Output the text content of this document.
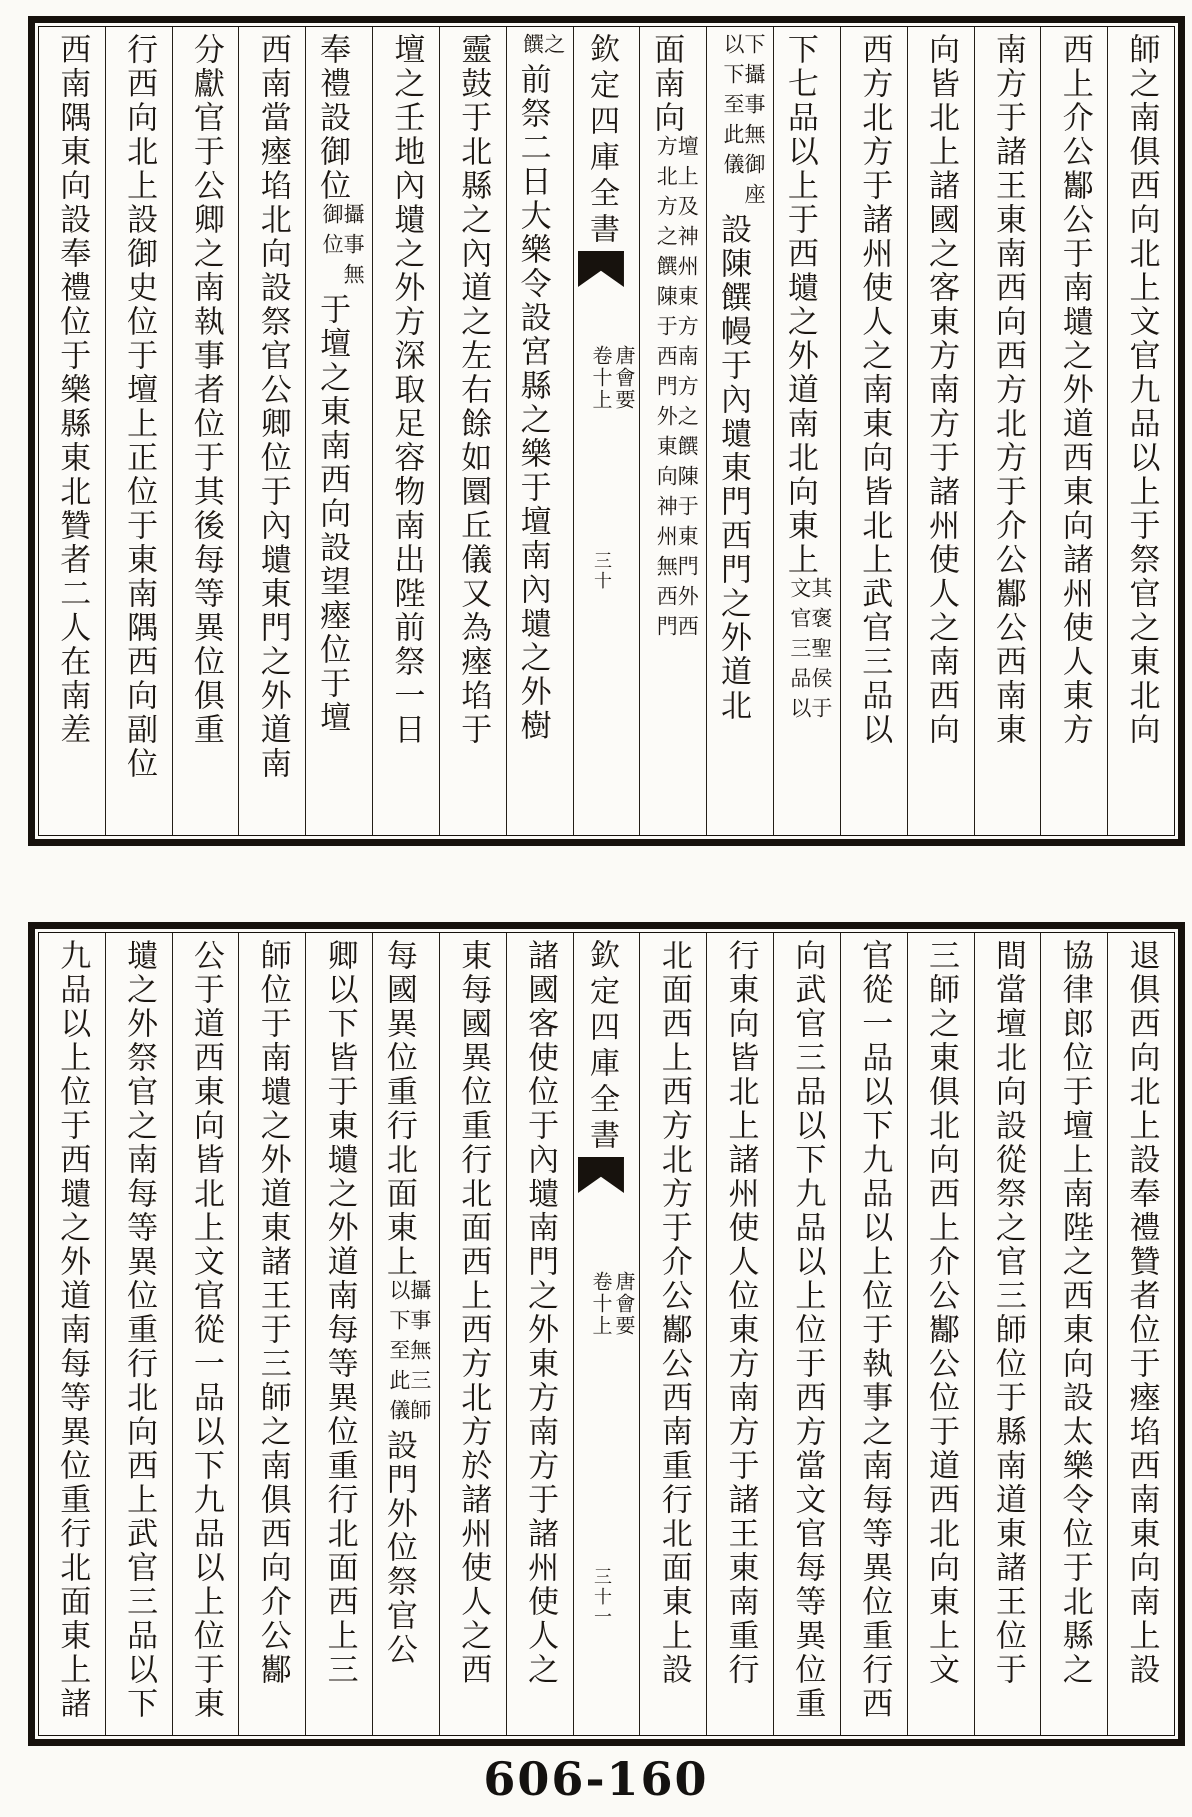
師之南俱西向北上文官九品以上于祭官之東北向
西上介公酅公于南壝之外道西東向諸州使人東方
南方于諸王東南西向西方北方于介公酅公西南東
向皆北上諸國之客東方南方于諸州使人之南西向
西方北方于諸州使人之南東向皆北上武官三品以
下七品以上于西壝之外道南北向東上
其褒聖侯于
文官三品以
下攝事無御座
以下至此儀
設陳饌幔于內壝東門西門之外道北
面南向
壇上及神州東方南方之饌陳于東門外西
方北方之饌陳于西門外東向神州無西門
欽定四庫全書
唐會要
卷十上
三十
之
饌
前祭二日大樂令設宮縣之樂于壇南內壝之外樹
靈鼓于北縣之內道之左右餘如圜丘儀又為瘞埳于
壇之壬地內壝之外方深取足容物南出陛前祭一日
奉禮設御位
攝事無
御位
于壇之東南西向設望瘞位于壇
西南當瘞埳北向設祭官公卿位于內壝東門之外道南
分獻官于公卿之南執事者位于其後每等異位俱重
行西向北上設御史位于壇上正位于東南隅西向副位
西南隅東向設奉禮位于樂縣東北贊者二人在南差
退俱西向北上設奉禮贊者位于瘞埳西南東向南上設
協律郎位于壇上南陛之西東向設太樂令位于北縣之
間當壇北向設從祭之官三師位于縣南道東諸王位于
三師之東俱北向西上介公酅公位于道西北向東上文
官從一品以下九品以上位于執事之南每等異位重行西
向武官三品以下九品以上位于西方當文官每等異位重
行東向皆北上諸州使人位東方南方于諸王東南重行
北面西上西方北方于介公酅公西南重行北面東上設
欽定四庫全書
唐會要
卷十上
三十一
諸國客使位于內壝南門之外東方南方于諸州使人之
東每國異位重行北面西上西方北方於諸州使人之西
每國異位重行北面東上
攝事無三師
以下至此儀
設門外位祭官公
卿以下皆于東壝之外道南每等異位重行北面西上三
師位于南壝之外道東諸王于三師之南俱西向介公酅
公于道西東向皆北上文官從一品以下九品以上位于東
壝之外祭官之南每等異位重行北向西上武官三品以下
九品以上位于西壝之外道南每等異位重行北面東上諸
606-160
